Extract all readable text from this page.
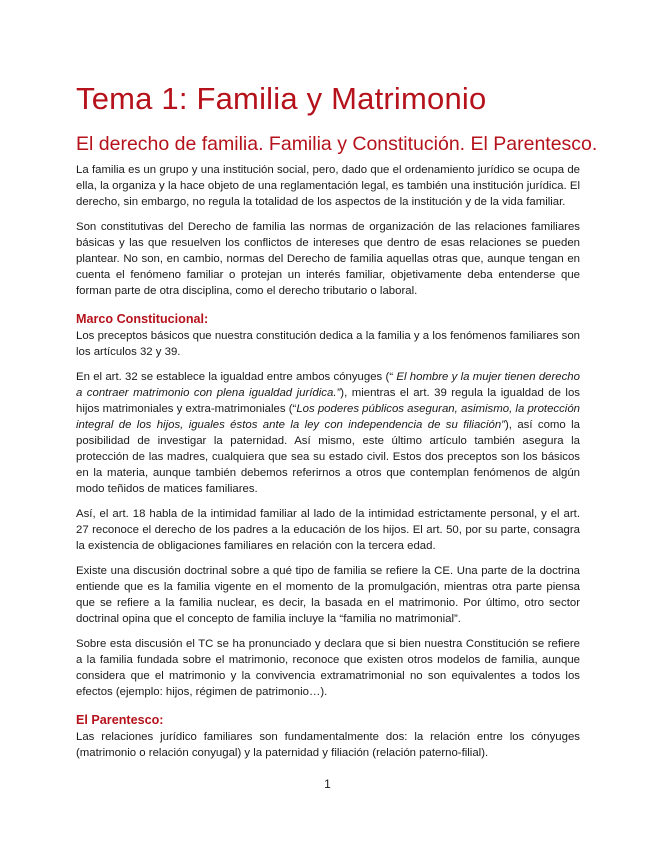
Tema 1: Familia y Matrimonio
El derecho de familia. Familia y Constitución. El Parentesco.

La familia es un grupo y una institución social, pero, dado que el ordenamiento jurídico se ocupa de ella, la organiza y la hace objeto de una reglamentación legal, es también una institución jurídica. El derecho, sin embargo, no regula la totalidad de los aspectos de la institución y de la vida familiar.

Son constitutivas del Derecho de familia las normas de organización de las relaciones familiares básicas y las que resuelven los conflictos de intereses que dentro de esas relaciones se pueden plantear. No son, en cambio, normas del Derecho de familia aquellas otras que, aunque tengan en cuenta el fenómeno familiar o protejan un interés familiar, objetivamente deba entenderse que forman parte de otra disciplina, como el derecho tributario o laboral.

Marco Constitucional:

Los preceptos básicos que nuestra constitución dedica a la familia y a los fenómenos familiares son los artículos 32 y 39.

En el art. 32 se establece la igualdad entre ambos cónyuges (“ El hombre y la mujer tienen derecho a contraer matrimonio con plena igualdad jurídica.”), mientras el art. 39 regula la igualdad de los hijos matrimoniales y extra-matrimoniales (“Los poderes públicos aseguran, asimismo, la protección integral de los hijos, iguales éstos ante la ley con independencia de su filiación”), así como la posibilidad de investigar la paternidad. Así mismo, este último artículo también asegura la protección de las madres, cualquiera que sea su estado civil. Estos dos preceptos son los básicos en la materia, aunque también debemos referirnos a otros que contemplan fenómenos de algún modo teñidos de matices familiares.

Así, el art. 18 habla de la intimidad familiar al lado de la intimidad estrictamente personal, y el art. 27 reconoce el derecho de los padres a la educación de los hijos. El art. 50, por su parte, consagra la existencia de obligaciones familiares en relación con la tercera edad.

Existe una discusión doctrinal sobre a qué tipo de familia se refiere la CE. Una parte de la doctrina entiende que es la familia vigente en el momento de la promulgación, mientras otra parte piensa que se refiere a la familia nuclear, es decir, la basada en el matrimonio. Por último, otro sector doctrinal opina que el concepto de familia incluye la “familia no matrimonial”.

Sobre esta discusión el TC se ha pronunciado y declara que si bien nuestra Constitución se refiere a la familia fundada sobre el matrimonio, reconoce que existen otros modelos de familia, aunque considera que el matrimonio y la convivencia extramatrimonial no son equivalentes a todos los efectos (ejemplo: hijos, régimen de patrimonio…).

El Parentesco:

Las relaciones jurídico familiares son fundamentalmente dos: la relación entre los cónyuges (matrimonio o relación conyugal) y la paternidad y filiación (relación paterno-filial).

1
